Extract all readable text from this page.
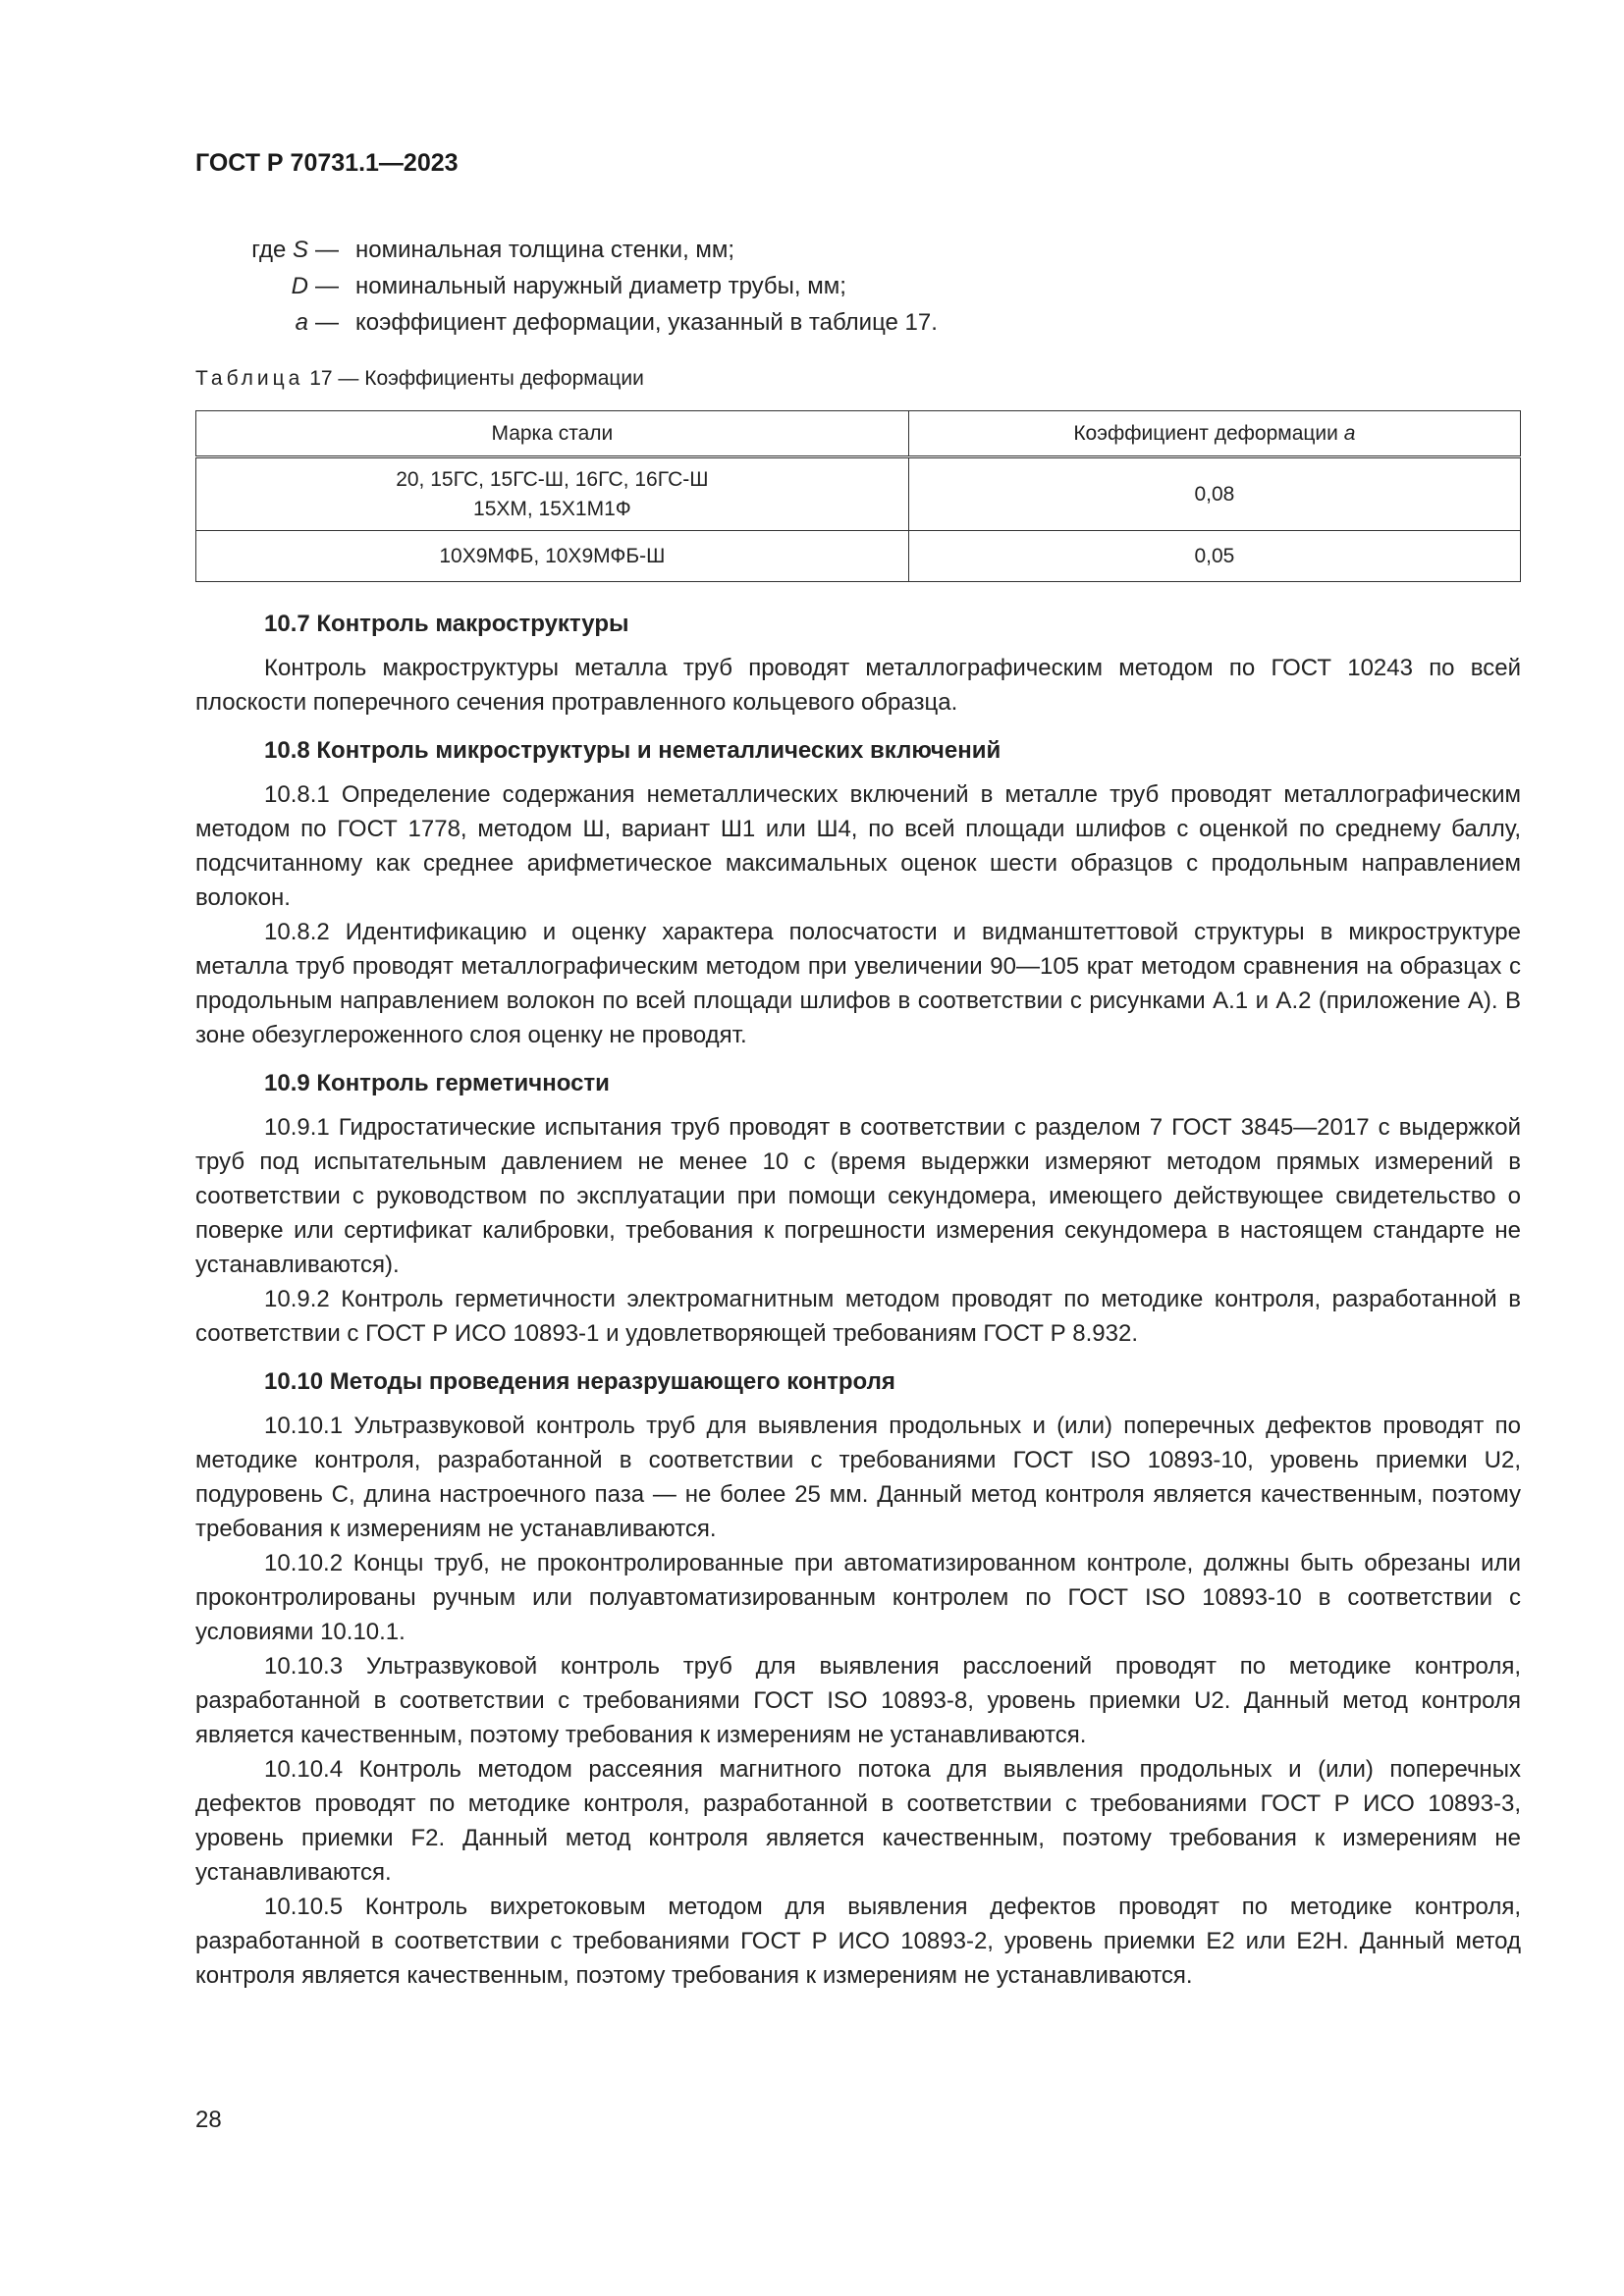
ГОСТ Р 70731.1—2023
где S — номинальная толщина стенки, мм;
D — номинальный наружный диаметр трубы, мм;
a — коэффициент деформации, указанный в таблице 17.
Таблица 17 — Коэффициенты деформации
Марка стали	Коэффициент деформации a

20, 15ГС, 15ГС-Ш, 16ГС, 16ГС-Ш
15ХМ, 15Х1М1Ф	0,08
10Х9МФБ, 10Х9МФБ-Ш	0,05
10.7 Контроль макроструктуры

Контроль макроструктуры металла труб проводят металлографическим методом по ГОСТ 10243 по всей плоскости поперечного сечения протравленного кольцевого образца.

10.8 Контроль микроструктуры и неметаллических включений

10.8.1 Определение содержания неметаллических включений в металле труб проводят металлографическим методом по ГОСТ 1778, методом Ш, вариант Ш1 или Ш4, по всей площади шлифов с оценкой по среднему баллу, подсчитанному как среднее арифметическое максимальных оценок шести образцов с продольным направлением волокон.

10.8.2 Идентификацию и оценку характера полосчатости и видманштеттовой структуры в микроструктуре металла труб проводят металлографическим методом при увеличении 90—105 крат методом сравнения на образцах с продольным направлением волокон по всей площади шлифов в соответствии с рисунками А.1 и А.2 (приложение А). В зоне обезуглероженного слоя оценку не проводят.

10.9 Контроль герметичности

10.9.1 Гидростатические испытания труб проводят в соответствии с разделом 7 ГОСТ 3845—2017 с выдержкой труб под испытательным давлением не менее 10 с (время выдержки измеряют методом прямых измерений в соответствии с руководством по эксплуатации при помощи секундомера, имеющего действующее свидетельство о поверке или сертификат калибровки, требования к погрешности измерения секундомера в настоящем стандарте не устанавливаются).

10.9.2 Контроль герметичности электромагнитным методом проводят по методике контроля, разработанной в соответствии с ГОСТ Р ИСО 10893-1 и удовлетворяющей требованиям ГОСТ Р 8.932.

10.10 Методы проведения неразрушающего контроля

10.10.1 Ультразвуковой контроль труб для выявления продольных и (или) поперечных дефектов проводят по методике контроля, разработанной в соответствии с требованиями ГОСТ ISO 10893-10, уровень приемки U2, подуровень С, длина настроечного паза — не более 25 мм. Данный метод контроля является качественным, поэтому требования к измерениям не устанавливаются.

10.10.2 Концы труб, не проконтролированные при автоматизированном контроле, должны быть обрезаны или проконтролированы ручным или полуавтоматизированным контролем по ГОСТ ISO 10893-10 в соответствии с условиями 10.10.1.

10.10.3 Ультразвуковой контроль труб для выявления расслоений проводят по методике контроля, разработанной в соответствии с требованиями ГОСТ ISO 10893-8, уровень приемки U2. Данный метод контроля является качественным, поэтому требования к измерениям не устанавливаются.

10.10.4 Контроль методом рассеяния магнитного потока для выявления продольных и (или) поперечных дефектов проводят по методике контроля, разработанной в соответствии с требованиями ГОСТ Р ИСО 10893-3, уровень приемки F2. Данный метод контроля является качественным, поэтому требования к измерениям не устанавливаются.

10.10.5 Контроль вихретоковым методом для выявления дефектов проводят по методике контроля, разработанной в соответствии с требованиями ГОСТ Р ИСО 10893-2, уровень приемки Е2 или Е2Н. Данный метод контроля является качественным, поэтому требования к измерениям не устанавливаются.

28
